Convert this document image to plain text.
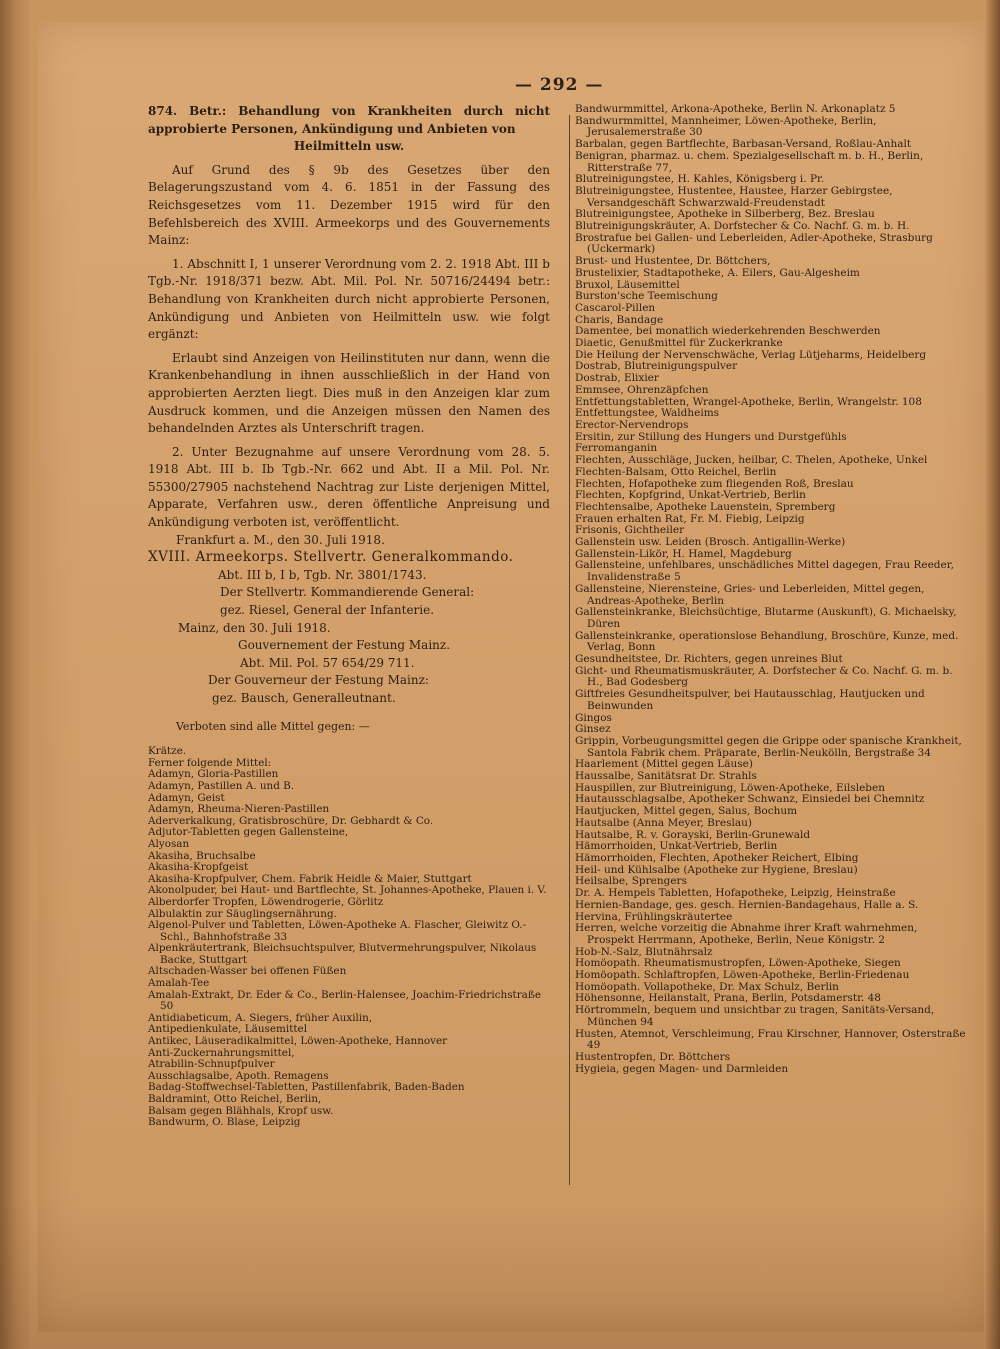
— 292 —

874. Betr.: Behandlung von Krankheiten durch nicht approbierte Personen, Ankündigung und Anbieten von

Heilmitteln usw.

Auf Grund des § 9b des Gesetzes über den Belagerungszustand vom 4. 6. 1851 in der Fassung des Reichsgesetzes vom 11. Dezember 1915 wird für den Befehlsbereich des XVIII. Armeekorps und des Gouvernements Mainz:

1. Abschnitt I, 1 unserer Verordnung vom 2. 2. 1918 Abt. III b Tgb.-Nr. 1918/371 bezw. Abt. Mil. Pol. Nr. 50716/24494 betr.: Behandlung von Krankheiten durch nicht approbierte Personen, Ankündigung und Anbieten von Heilmitteln usw. wie folgt ergänzt:

Erlaubt sind Anzeigen von Heilinstituten nur dann, wenn die Krankenbehandlung in ihnen ausschließlich in der Hand von approbierten Aerzten liegt. Dies muß in den Anzeigen klar zum Ausdruck kommen, und die Anzeigen müssen den Namen des behandelnden Arztes als Unterschrift tragen.

2. Unter Bezugnahme auf unsere Verordnung vom 28. 5. 1918 Abt. III b. Ib Tgb.-Nr. 662 und Abt. II a Mil. Pol. Nr. 55300/27905 nachstehend Nachtrag zur Liste derjenigen Mittel, Apparate, Verfahren usw., deren öffentliche Anpreisung und Ankündigung verboten ist, veröffentlicht.

Frankfurt a. M., den 30. Juli 1918.

XVIII. Armeekorps. Stellvertr. Generalkommando.

Abt. III b, I b, Tgb. Nr. 3801/1743.

Der Stellvertr. Kommandierende General:

gez. Riesel, General der Infanterie.

Mainz, den 30. Juli 1918.

Gouvernement der Festung Mainz.

Abt. Mil. Pol. 57 654/29 711.

Der Gouverneur der Festung Mainz:

gez. Bausch, Generalleutnant.

Verboten sind alle Mittel gegen: —

Krätze.
Ferner folgende Mittel:
Adamyn, Gloria-Pastillen
Adamyn, Pastillen A. und B.
Adamyn, Geist
Adamyn, Rheuma-Nieren-Pastillen
Aderverkalkung, Gratisbroschüre, Dr. Gebhardt & Co.
Adjutor-Tabletten gegen Gallensteine,
Alyosan
Akasiha, Bruchsalbe
Akasiha-Kropfgeist
Akasiha-Kropfpulver, Chem. Fabrik Heidle & Maier, Stuttgart
Akonolpuder, bei Haut- und Bartflechte, St. Johannes-Apotheke, Plauen i. V.
Alberdorfer Tropfen, Löwendrogerie, Görlitz
Albulaktin zur Säuglingsernährung.
Algenol-Pulver und Tabletten, Löwen-Apotheke A. Flascher, Gleiwitz O.-Schl., Bahnhofstraße 33
Alpenkräutertrank, Bleichsuchtspulver, Blutvermehrungspulver, Nikolaus Backe, Stuttgart
Altschaden-Wasser bei offenen Füßen
Amalah-Tee
Amalah-Extrakt, Dr. Eder & Co., Berlin-Halensee, Joachim-Friedrichstraße 50
Antidiabeticum, A. Siegers, früher Auxilin,
Antipedienkulate, Läusemittel
Antikec, Läuseradikalmittel, Löwen-Apotheke, Hannover
Anti-Zuckernahrungsmittel,
Atrabilin-Schnupfpulver
Ausschlagsalbe, Apoth. Remagens
Badag-Stoffwechsel-Tabletten, Pastillenfabrik, Baden-Baden
Baldramint, Otto Reichel, Berlin,
Balsam gegen Blähhals, Kropf usw.
Bandwurm, O. Blase, Leipzig
Bandwurmmittel, Arkona-Apotheke, Berlin N. Arkonaplatz 5
Bandwurmmittel, Mannheimer, Löwen-Apotheke, Berlin, Jerusalemerstraße 30
Barbalan, gegen Bartflechte, Barbasan-Versand, Roßlau-Anhalt
Benigran, pharmaz. u. chem. Spezialgesellschaft m. b. H., Berlin, Ritterstraße 77,
Blutreinigungstee, H. Kahles, Königsberg i. Pr.
Blutreinigungstee, Hustentee, Haustee, Harzer Gebirgstee, Versandgeschäft Schwarzwald-Freudenstadt
Blutreinigungstee, Apotheke in Silberberg, Bez. Breslau
Blutreinigungskräuter, A. Dorfstecher & Co. Nachf. G. m. b. H.
Brostrafue bei Gallen- und Leberleiden, Adler-Apotheke, Strasburg (Uckermark)
Brust- und Hustentee, Dr. Böttchers,
Brustelixier, Stadtapotheke, A. Eilers, Gau-Algesheim
Bruxol, Läusemittel
Burston'sche Teemischung
Cascarol-Pillen
Charis, Bandage
Damentee, bei monatlich wiederkehrenden Beschwerden
Diaetic, Genußmittel für Zuckerkranke
Die Heilung der Nervenschwäche, Verlag Lütjeharms, Heidelberg
Dostrab, Blutreinigungspulver
Dostrab, Elixier
Emmsee, Ohrenzäpfchen
Entfettungstabletten, Wrangel-Apotheke, Berlin, Wrangelstr. 108
Entfettungstee, Waldheims
Erector-Nervendrops
Ersitin, zur Stillung des Hungers und Durstgefühls
Ferromanganin
Flechten, Ausschläge, Jucken, heilbar, C. Thelen, Apotheke, Unkel
Flechten-Balsam, Otto Reichel, Berlin
Flechten, Hofapotheke zum fliegenden Roß, Breslau
Flechten, Kopfgrind, Unkat-Vertrieb, Berlin
Flechtensalbe, Apotheke Lauenstein, Spremberg
Frauen erhalten Rat, Fr. M. Fiebig, Leipzig
Frisonis, Gichtheiler
Gallenstein usw. Leiden (Brosch. Antigallin-Werke)
Gallenstein-Likör, H. Hamel, Magdeburg
Gallensteine, unfehlbares, unschädliches Mittel dagegen, Frau Reeder, Invalidenstraße 5
Gallensteine, Nierensteine, Gries- und Leberleiden, Mittel gegen, Andreas-Apotheke, Berlin
Gallensteinkranke, Bleichsüchtige, Blutarme (Auskunft), G. Michaelsky, Düren
Gallensteinkranke, operationslose Behandlung, Broschüre, Kunze, med. Verlag, Bonn
Gesundheitstee, Dr. Richters, gegen unreines Blut
Gicht- und Rheumatismuskräuter, A. Dorfstecher & Co. Nachf. G. m. b. H., Bad Godesberg
Giftfreies Gesundheitspulver, bei Hautausschlag, Hautjucken und Beinwunden
Gingos
Ginsez
Grippin, Vorbeugungsmittel gegen die Grippe oder spanische Krankheit, Santola Fabrik chem. Präparate, Berlin-Neukölln, Bergstraße 34
Haarlement (Mittel gegen Läuse)
Haussalbe, Sanitätsrat Dr. Strahls
Hauspillen, zur Blutreinigung, Löwen-Apotheke, Eilsleben
Hautausschlagsalbe, Apotheker Schwanz, Einsiedel bei Chemnitz
Hautjucken, Mittel gegen, Salus, Bochum
Hautsalbe (Anna Meyer, Breslau)
Hautsalbe, R. v. Gorayski, Berlin-Grunewald
Hämorrhoiden, Unkat-Vertrieb, Berlin
Hämorrhoiden, Flechten, Apotheker Reichert, Elbing
Heil- und Kühlsalbe (Apotheke zur Hygiene, Breslau)
Heilsalbe, Sprengers
Dr. A. Hempels Tabletten, Hofapotheke, Leipzig, Heinstraße
Hernien-Bandage, ges. gesch. Hernien-Bandagehaus, Halle a. S.
Hervina, Frühlingskräutertee
Herren, welche vorzeitig die Abnahme ihrer Kraft wahrnehmen, Prospekt Herrmann, Apotheke, Berlin, Neue Königstr. 2
Hob-N.-Salz, Blutnährsalz
Homöopath. Rheumatismustropfen, Löwen-Apotheke, Siegen
Homöopath. Schlaftropfen, Löwen-Apotheke, Berlin-Friedenau
Homöopath. Vollapotheke, Dr. Max Schulz, Berlin
Höhensonne, Heilanstalt, Prana, Berlin, Potsdamerstr. 48
Hörtrommeln, bequem und unsichtbar zu tragen, Sanitäts-Versand, München 94
Husten, Atemnot, Verschleimung, Frau Kirschner, Hannover, Osterstraße 49
Hustentropfen, Dr. Böttchers
Hygieia, gegen Magen- und Darmleiden
